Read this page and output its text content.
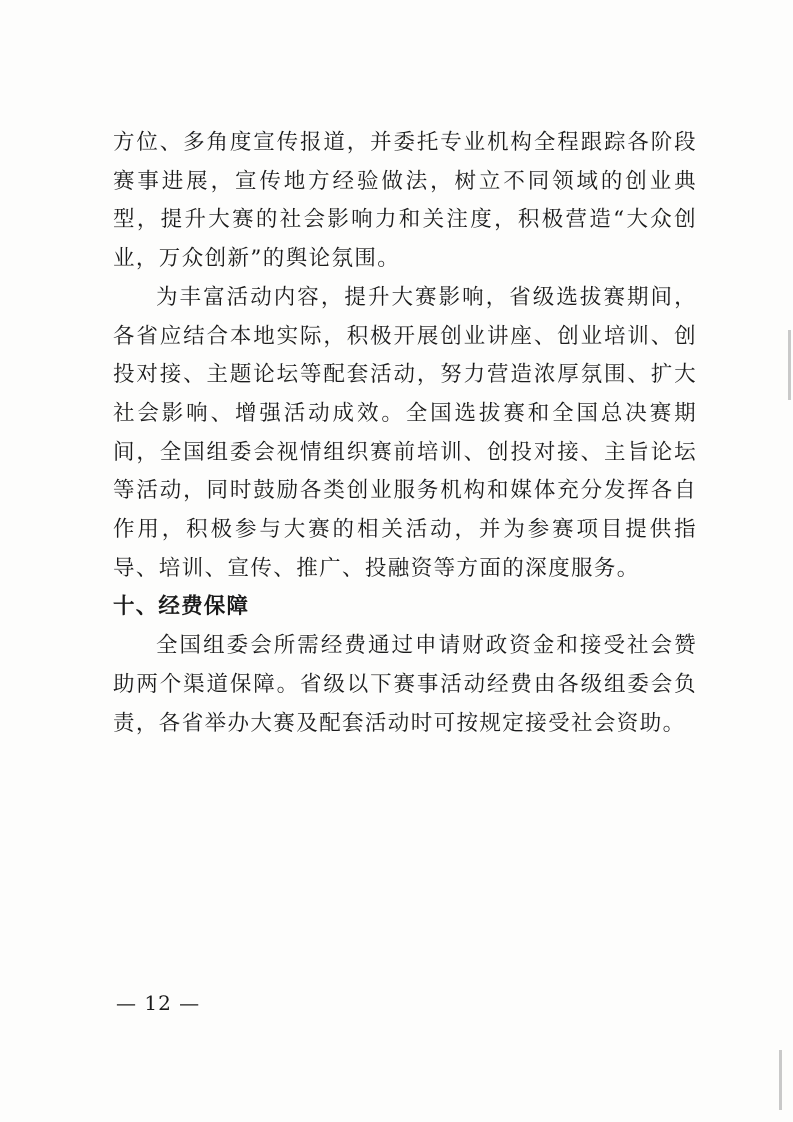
方位、多角度宣传报道，并委托专业机构全程跟踪各阶段赛事进展，宣传地方经验做法，树立不同领域的创业典型，提升大赛的社会影响力和关注度，积极营造“大众创业，万众创新”的舆论氛围。

为丰富活动内容，提升大赛影响，省级选拔赛期间，各省应结合本地实际，积极开展创业讲座、创业培训、创投对接、主题论坛等配套活动，努力营造浓厚氛围、扩大社会影响、增强活动成效。全国选拔赛和全国总决赛期间，全国组委会视情组织赛前培训、创投对接、主旨论坛等活动，同时鼓励各类创业服务机构和媒体充分发挥各自作用，积极参与大赛的相关活动，并为参赛项目提供指导、培训、宣传、推广、投融资等方面的深度服务。

十、经费保障

全国组委会所需经费通过申请财政资金和接受社会赞助两个渠道保障。省级以下赛事活动经费由各级组委会负责，各省举办大赛及配套活动时可按规定接受社会资助。

— 12 —
